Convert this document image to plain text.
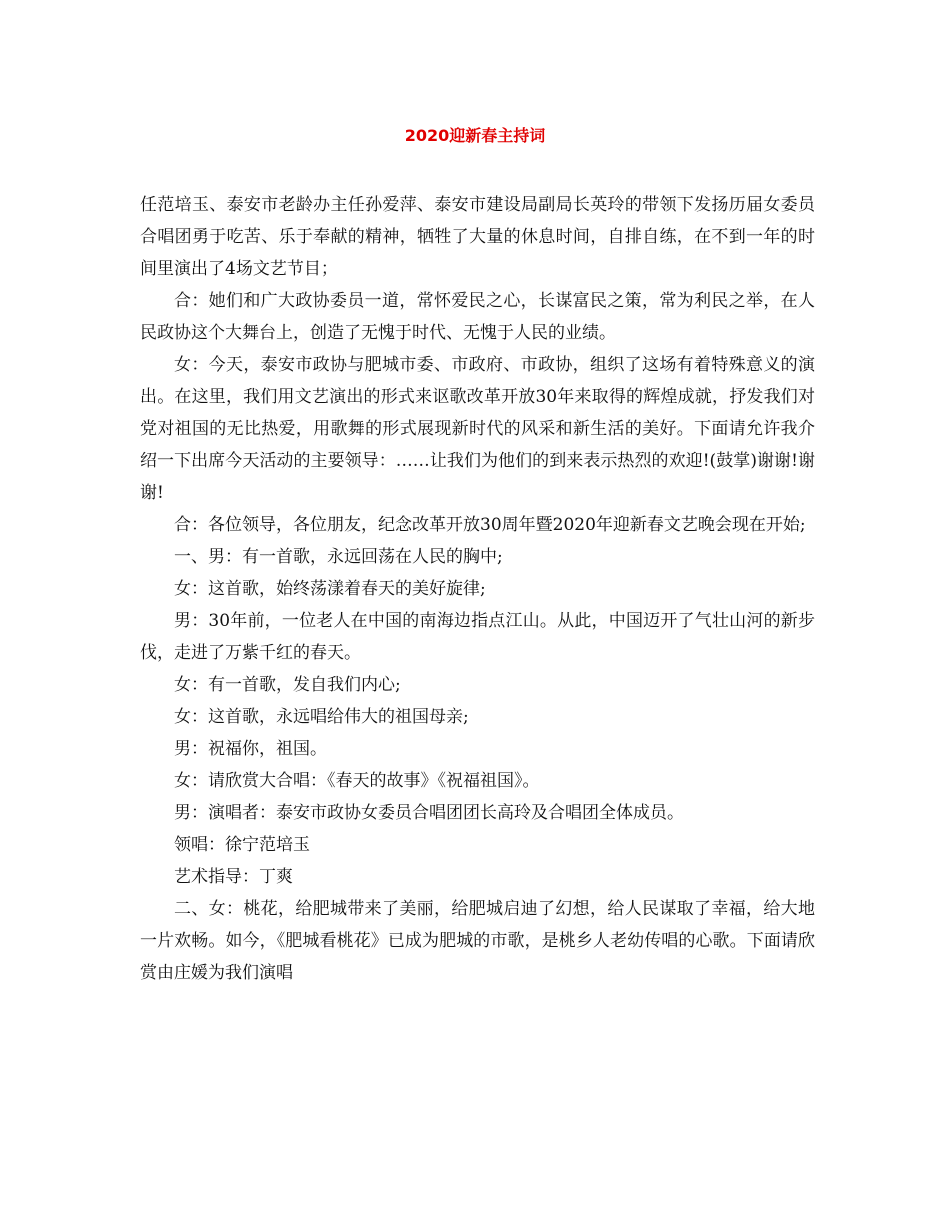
2020迎新春主持词

任范培玉、泰安市老龄办主任孙爱萍、泰安市建设局副局长英玲的带领下发扬历届女委员合唱团勇于吃苦、乐于奉献的精神，牺牲了大量的休息时间，自排自练，在不到一年的时间里演出了4场文艺节目；

合：她们和广大政协委员一道，常怀爱民之心，长谋富民之策，常为利民之举，在人民政协这个大舞台上，创造了无愧于时代、无愧于人民的业绩。

女：今天，泰安市政协与肥城市委、市政府、市政协，组织了这场有着特殊意义的演出。在这里，我们用文艺演出的形式来讴歌改革开放30年来取得的辉煌成就，抒发我们对党对祖国的无比热爱，用歌舞的形式展现新时代的风采和新生活的美好。下面请允许我介绍一下出席今天活动的主要领导：……让我们为他们的到来表示热烈的欢迎!(鼓掌)谢谢!谢谢!

合：各位领导，各位朋友，纪念改革开放30周年暨2020年迎新春文艺晚会现在开始;

一、男：有一首歌，永远回荡在人民的胸中;

女：这首歌，始终荡漾着春天的美好旋律;

男：30年前，一位老人在中国的南海边指点江山。从此，中国迈开了气壮山河的新步伐，走进了万紫千红的春天。

女：有一首歌，发自我们内心;

女：这首歌，永远唱给伟大的祖国母亲;

男：祝福你，祖国。

女：请欣赏大合唱：《春天的故事》《祝福祖国》。

男：演唱者：泰安市政协女委员合唱团团长高玲及合唱团全体成员。

领唱：徐宁范培玉

艺术指导：丁爽

二、女：桃花，给肥城带来了美丽，给肥城启迪了幻想，给人民谋取了幸福，给大地一片欢畅。如今，《肥城看桃花》已成为肥城的市歌，是桃乡人老幼传唱的心歌。下面请欣赏由庄媛为我们演唱
